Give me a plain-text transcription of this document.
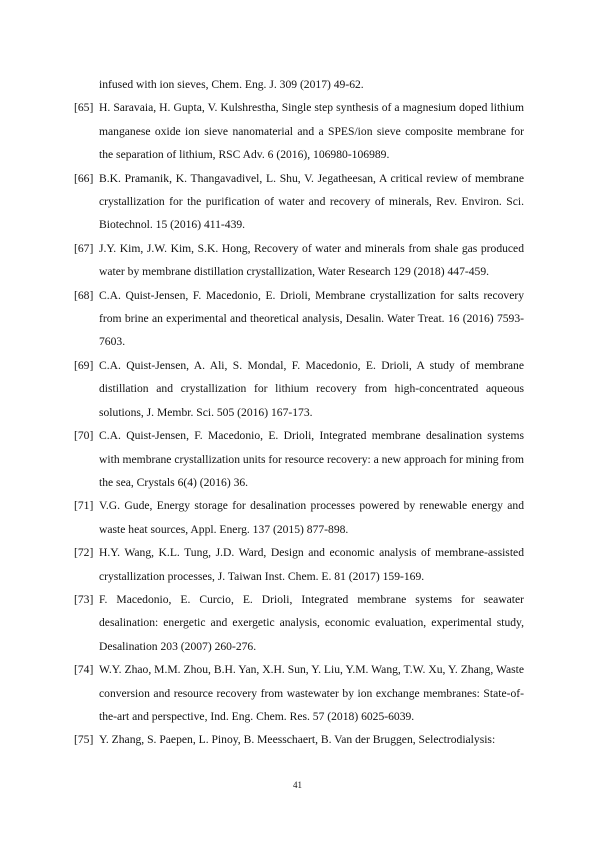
infused with ion sieves, Chem. Eng. J. 309 (2017) 49-62.
[65] H. Saravaia, H. Gupta, V. Kulshrestha, Single step synthesis of a magnesium doped lithium manganese oxide ion sieve nanomaterial and a SPES/ion sieve composite membrane for the separation of lithium, RSC Adv. 6 (2016), 106980-106989.
[66] B.K. Pramanik, K. Thangavadivel, L. Shu, V. Jegatheesan, A critical review of membrane crystallization for the purification of water and recovery of minerals, Rev. Environ. Sci. Biotechnol. 15 (2016) 411-439.
[67] J.Y. Kim, J.W. Kim, S.K. Hong, Recovery of water and minerals from shale gas produced water by membrane distillation crystallization, Water Research 129 (2018) 447-459.
[68] C.A. Quist-Jensen, F. Macedonio, E. Drioli, Membrane crystallization for salts recovery from brine an experimental and theoretical analysis, Desalin. Water Treat. 16 (2016) 7593-7603.
[69] C.A. Quist-Jensen, A. Ali, S. Mondal, F. Macedonio, E. Drioli, A study of membrane distillation and crystallization for lithium recovery from high-concentrated aqueous solutions, J. Membr. Sci. 505 (2016) 167-173.
[70] C.A. Quist-Jensen, F. Macedonio, E. Drioli, Integrated membrane desalination systems with membrane crystallization units for resource recovery: a new approach for mining from the sea, Crystals 6(4) (2016) 36.
[71] V.G. Gude, Energy storage for desalination processes powered by renewable energy and waste heat sources, Appl. Energ. 137 (2015) 877-898.
[72] H.Y. Wang, K.L. Tung, J.D. Ward, Design and economic analysis of membrane-assisted crystallization processes, J. Taiwan Inst. Chem. E. 81 (2017) 159-169.
[73] F. Macedonio, E. Curcio, E. Drioli, Integrated membrane systems for seawater desalination: energetic and exergetic analysis, economic evaluation, experimental study, Desalination 203 (2007) 260-276.
[74] W.Y. Zhao, M.M. Zhou, B.H. Yan, X.H. Sun, Y. Liu, Y.M. Wang, T.W. Xu, Y. Zhang, Waste conversion and resource recovery from wastewater by ion exchange membranes: State-of-the-art and perspective, Ind. Eng. Chem. Res. 57 (2018) 6025-6039.
[75] Y. Zhang, S. Paepen, L. Pinoy, B. Meesschaert, B. Van der Bruggen, Selectrodialysis:
41
